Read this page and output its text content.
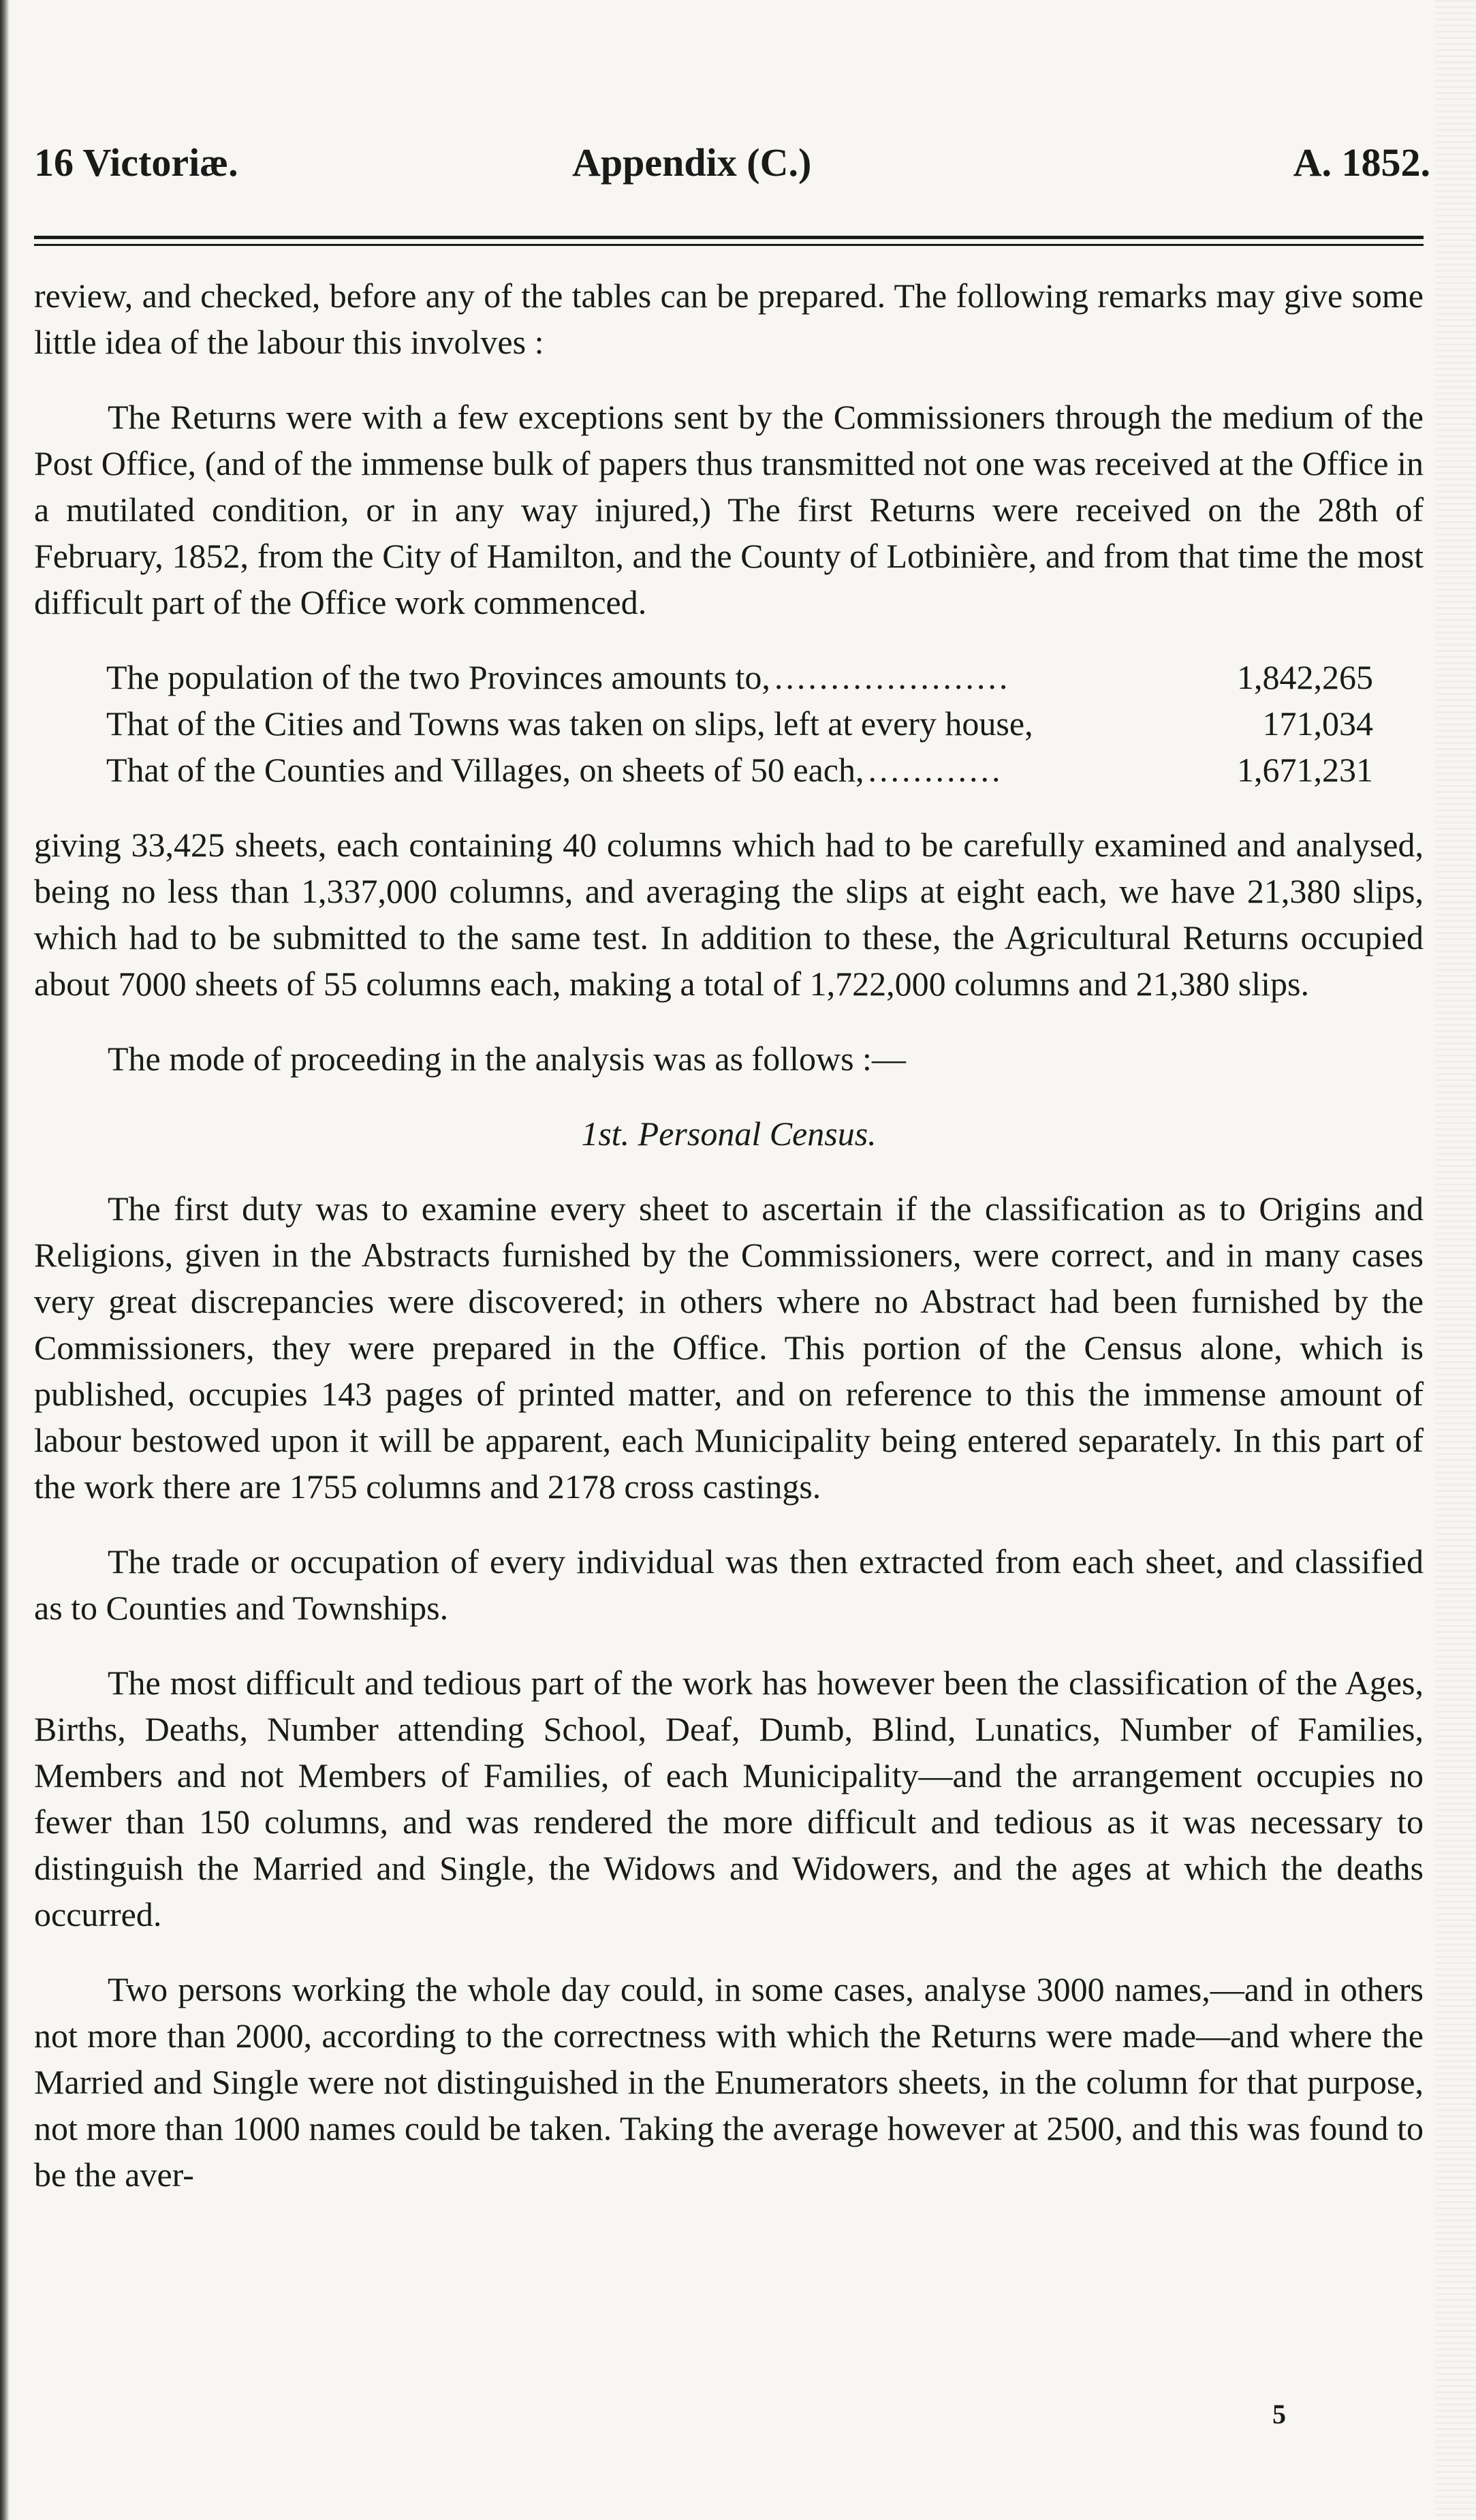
16 Victoriæ.	Appendix (C.)	A. 1852.

review, and checked, before any of the tables can be prepared. The following remarks may give some little idea of the labour this involves :

The Returns were with a few exceptions sent by the Commissioners through the medium of the Post Office, (and of the immense bulk of papers thus transmitted not one was received at the Office in a mutilated condition, or in any way injured,) The first Returns were received on the 28th of February, 1852, from the City of Hamilton, and the County of Lotbinière, and from that time the most difficult part of the Office work commenced.

The population of the two Provinces amounts to, .....................	1,842,265
That of the Cities and Towns was taken on slips, left at every house,	171,034
That of the Counties and Villages, on sheets of 50 each, ............	1,671,231

giving 33,425 sheets, each containing 40 columns which had to be carefully examined and analysed, being no less than 1,337,000 columns, and averaging the slips at eight each, we have 21,380 slips, which had to be submitted to the same test. In addition to these, the Agricultural Returns occupied about 7000 sheets of 55 columns each, making a total of 1,722,000 columns and 21,380 slips.

The mode of proceeding in the analysis was as follows :—

1st. Personal Census.

The first duty was to examine every sheet to ascertain if the classification as to Origins and Religions, given in the Abstracts furnished by the Commissioners, were correct, and in many cases very great discrepancies were discovered; in others where no Abstract had been furnished by the Commissioners, they were prepared in the Office. This portion of the Census alone, which is published, occupies 143 pages of printed matter, and on reference to this the immense amount of labour bestowed upon it will be apparent, each Municipality being entered separately. In this part of the work there are 1755 columns and 2178 cross castings.

The trade or occupation of every individual was then extracted from each sheet, and classified as to Counties and Townships.

The most difficult and tedious part of the work has however been the classification of the Ages, Births, Deaths, Number attending School, Deaf, Dumb, Blind, Lunatics, Number of Families, Members and not Members of Families, of each Municipality—and the arrangement occupies no fewer than 150 columns, and was rendered the more difficult and tedious as it was necessary to distinguish the Married and Single, the Widows and Widowers, and the ages at which the deaths occurred.

Two persons working the whole day could, in some cases, analyse 3000 names,—and in others not more than 2000, according to the correctness with which the Returns were made—and where the Married and Single were not distinguished in the Enumerators sheets, in the column for that purpose, not more than 1000 names could be taken. Taking the average however at 2500, and this was found to be the aver-

5
